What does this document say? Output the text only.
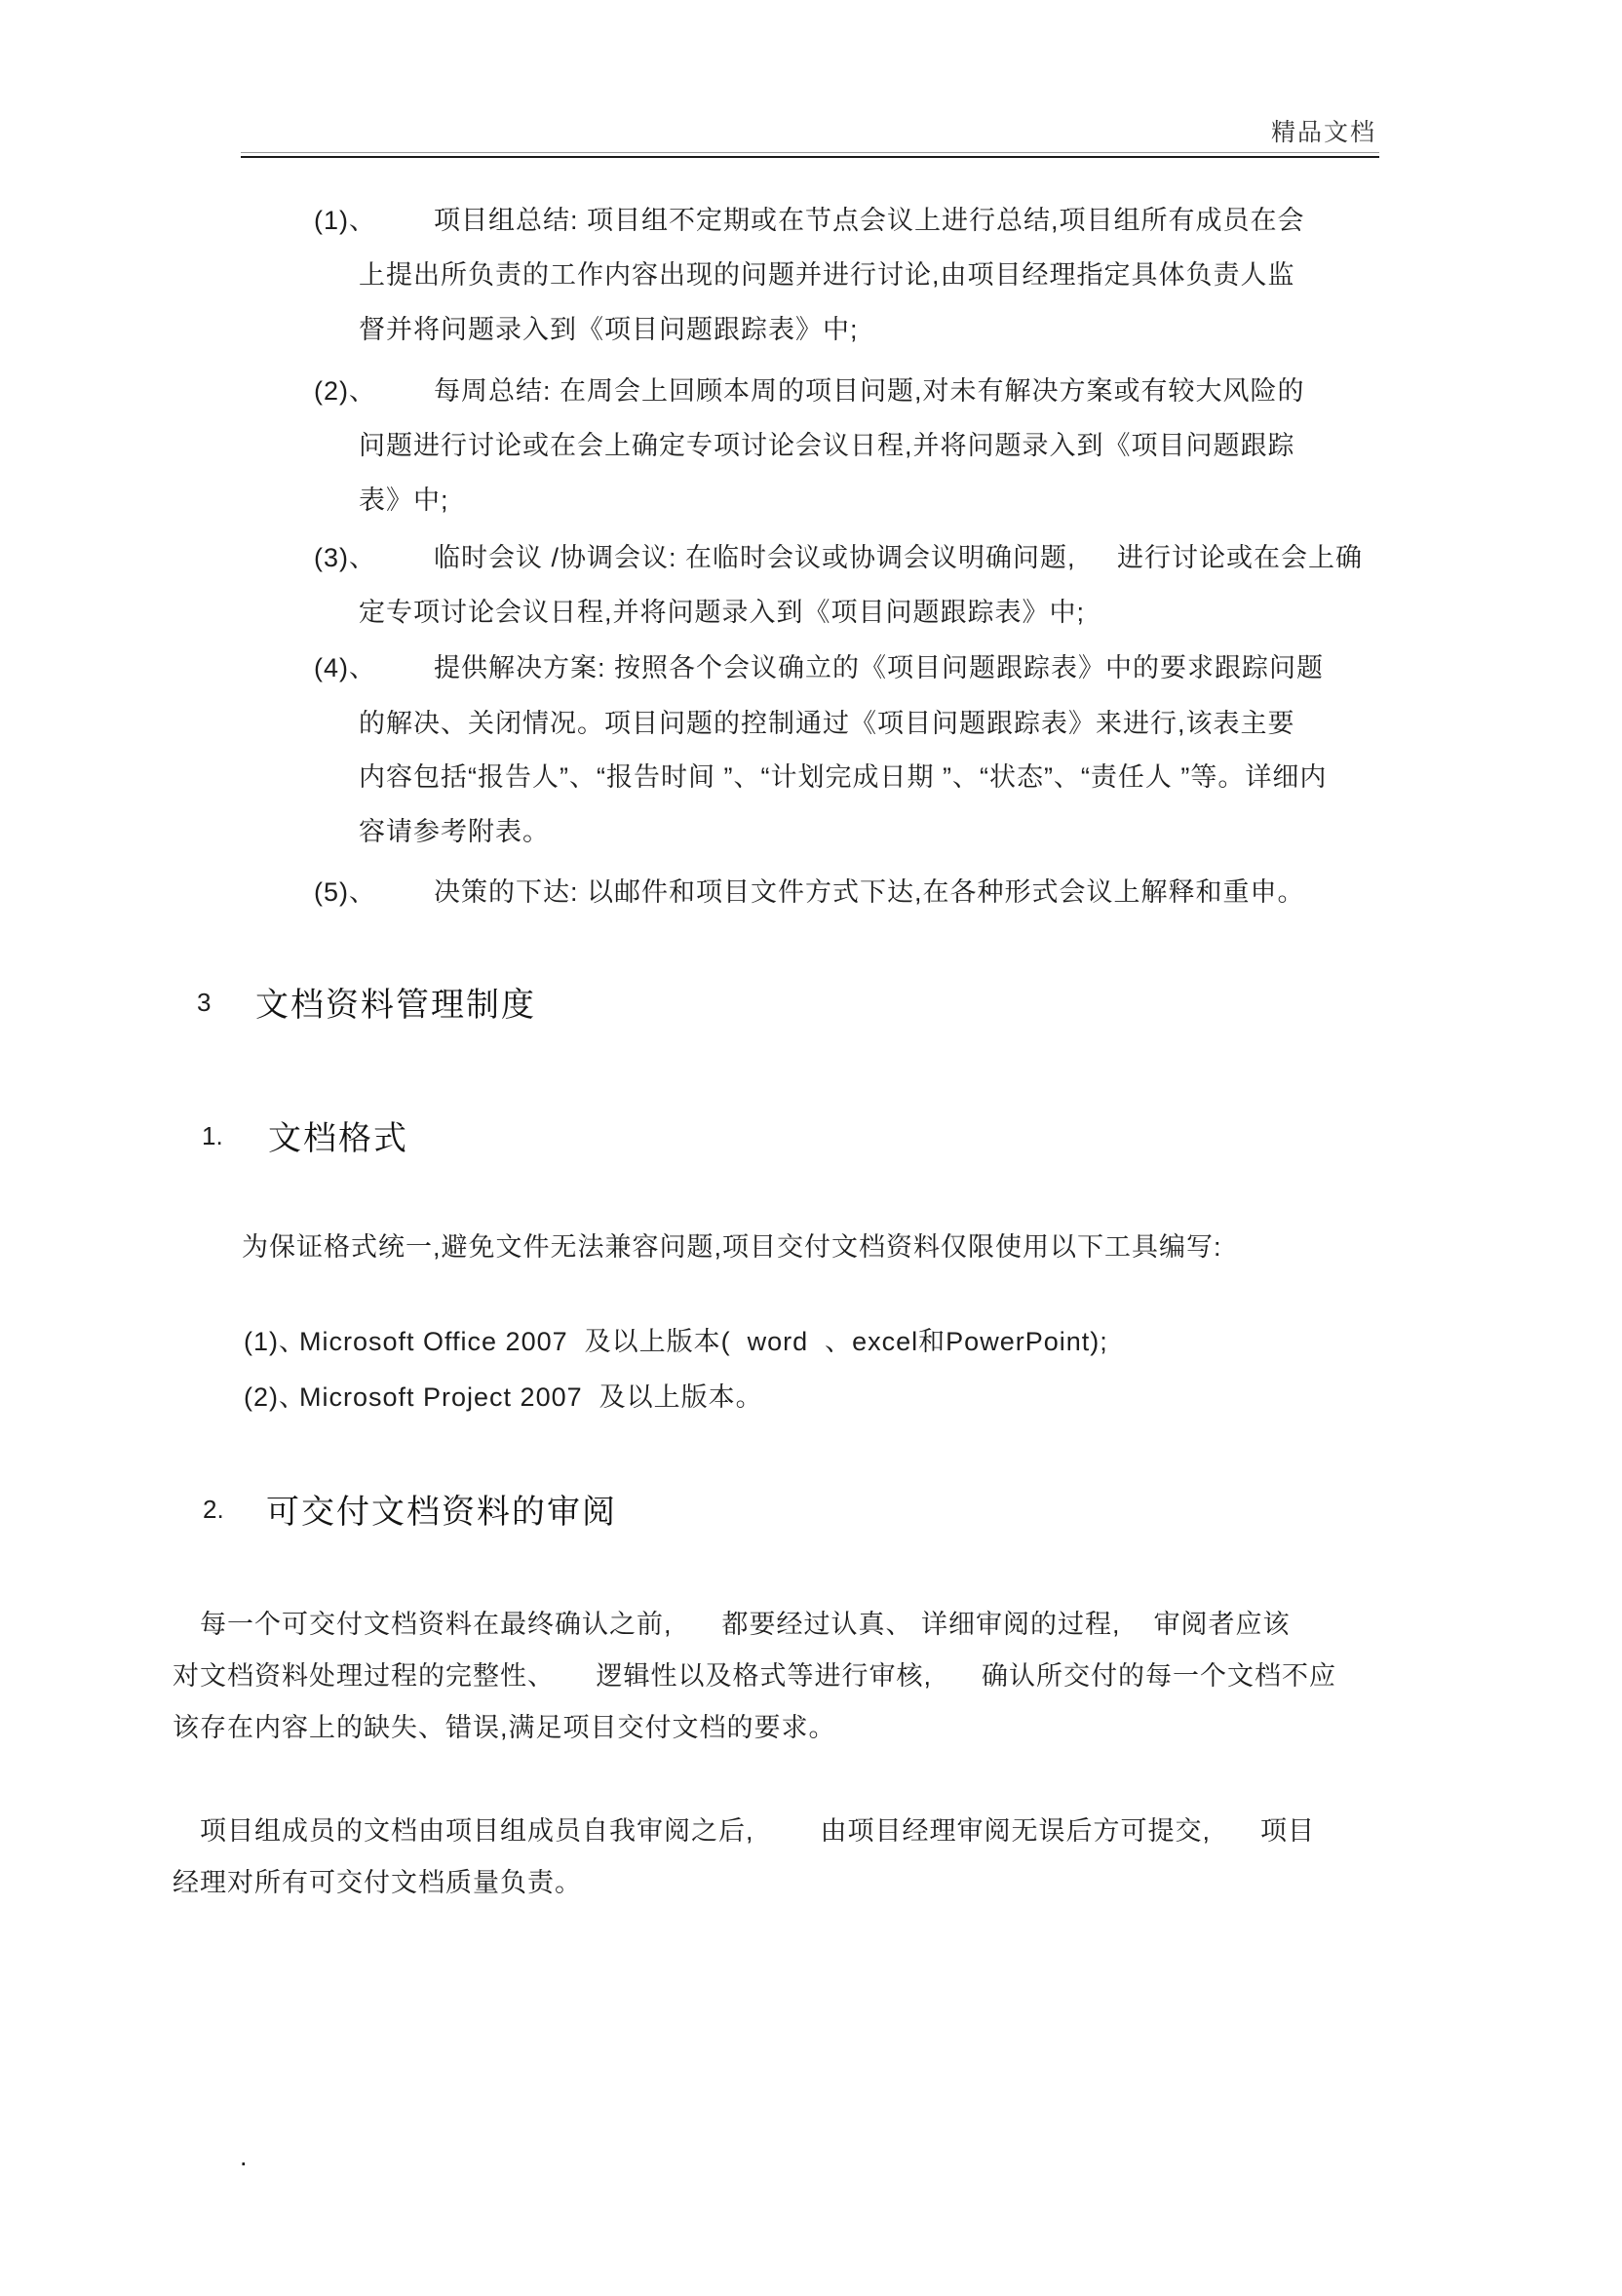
精品文档

(1)、

项目组总结: 项目组不定期或在节点会议上进行总结,项目组所有成员在会

上提出所负责的工作内容出现的问题并进行讨论,由项目经理指定具体负责人监
督并将问题录入到《项目问题跟踪表》中;

(2)、

每周总结: 在周会上回顾本周的项目问题,对未有解决方案或有较大风险的

问题进行讨论或在会上确定专项讨论会议日程,并将问题录入到《项目问题跟踪
表》中;

(3)、

临时会议 /协调会议: 在临时会议或协调会议明确问题,     进行讨论或在会上确

定专项讨论会议日程,并将问题录入到《项目问题跟踪表》中;

(4)、

提供解决方案: 按照各个会议确立的《项目问题跟踪表》中的要求跟踪问题

的解决、关闭情况。项目问题的控制通过《项目问题跟踪表》来进行,该表主要
内容包括“报告人”、“报告时间 ”、“计划完成日期 ”、“状态”、“责任人 ”等。详细内
容请参考附表。

(5)、

决策的下达: 以邮件和项目文件方式下达,在各种形式会议上解释和重申。

3 文档资料管理制度
1. 文档格式
为保证格式统一,避免文件无法兼容问题,项目交付文档资料仅限使用以下工具编写:

(1)、

Microsoft Office 2007  及以上版本(  word  、excel和PowerPoint);

(2)、

Microsoft Project 2007  及以上版本。

2. 可交付文档资料的审阅
每一个可交付文档资料在最终确认之前,      都要经过认真、 详细审阅的过程,    审阅者应该
对文档资料处理过程的完整性、     逻辑性以及格式等进行审核,      确认所交付的每一个文档不应
该存在内容上的缺失、错误,满足项目交付文档的要求。
项目组成员的文档由项目组成员自我审阅之后,        由项目经理审阅无误后方可提交,      项目
经理对所有可交付文档质量负责。
.
